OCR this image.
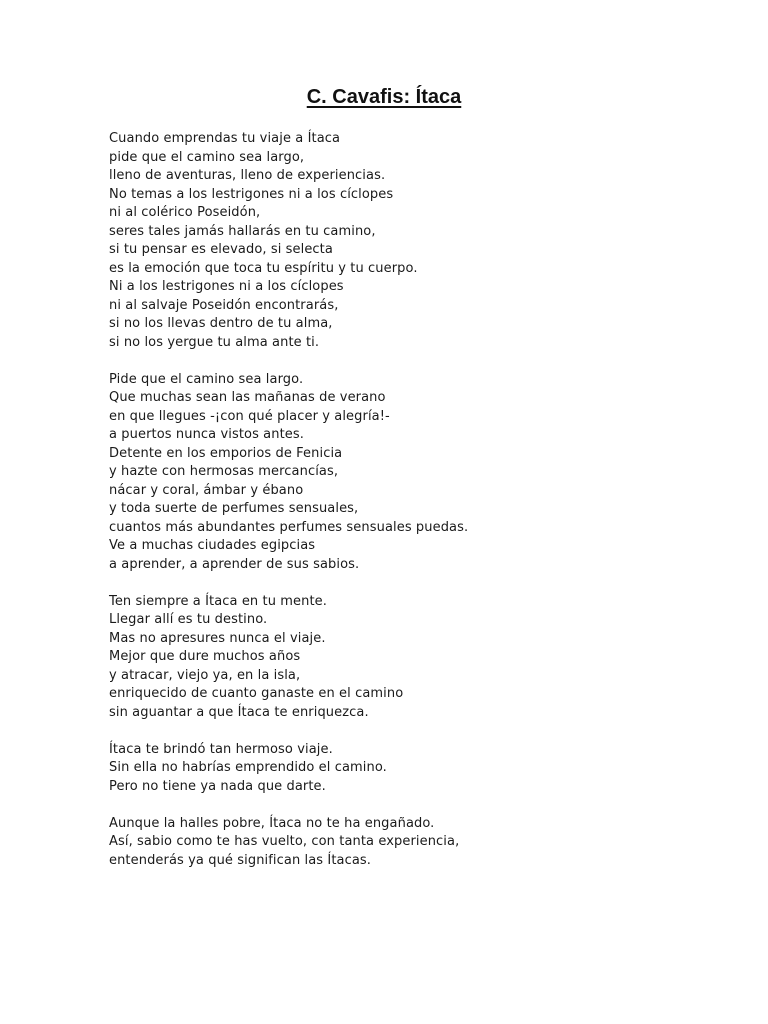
C. Cavafis: Ítaca
Cuando emprendas tu viaje a Ítaca
pide que el camino sea largo,
lleno de aventuras, lleno de experiencias.
No temas a los lestrigones ni a los cíclopes
ni al colérico Poseidón,
seres tales jamás hallarás en tu camino,
si tu pensar es elevado, si selecta
es la emoción que toca tu espíritu y tu cuerpo.
Ni a los lestrigones ni a los cíclopes
ni al salvaje Poseidón encontrarás,
si no los llevas dentro de tu alma,
si no los yergue tu alma ante ti.
Pide que el camino sea largo.
Que muchas sean las mañanas de verano
en que llegues -¡con qué placer y alegría!-
a puertos nunca vistos antes.
Detente en los emporios de Fenicia
y hazte con hermosas mercancías,
nácar y coral, ámbar y ébano
y toda suerte de perfumes sensuales,
cuantos más abundantes perfumes sensuales puedas.
Ve a muchas ciudades egipcias
a aprender, a aprender de sus sabios.
Ten siempre a Ítaca en tu mente.
Llegar allí es tu destino.
Mas no apresures nunca el viaje.
Mejor que dure muchos años
y atracar, viejo ya, en la isla,
enriquecido de cuanto ganaste en el camino
sin aguantar a que Ítaca te enriquezca.
Ítaca te brindó tan hermoso viaje.
Sin ella no habrías emprendido el camino.
Pero no tiene ya nada que darte.
Aunque la halles pobre, Ítaca no te ha engañado.
Así, sabio como te has vuelto, con tanta experiencia,
entenderás ya qué significan las Ítacas.
